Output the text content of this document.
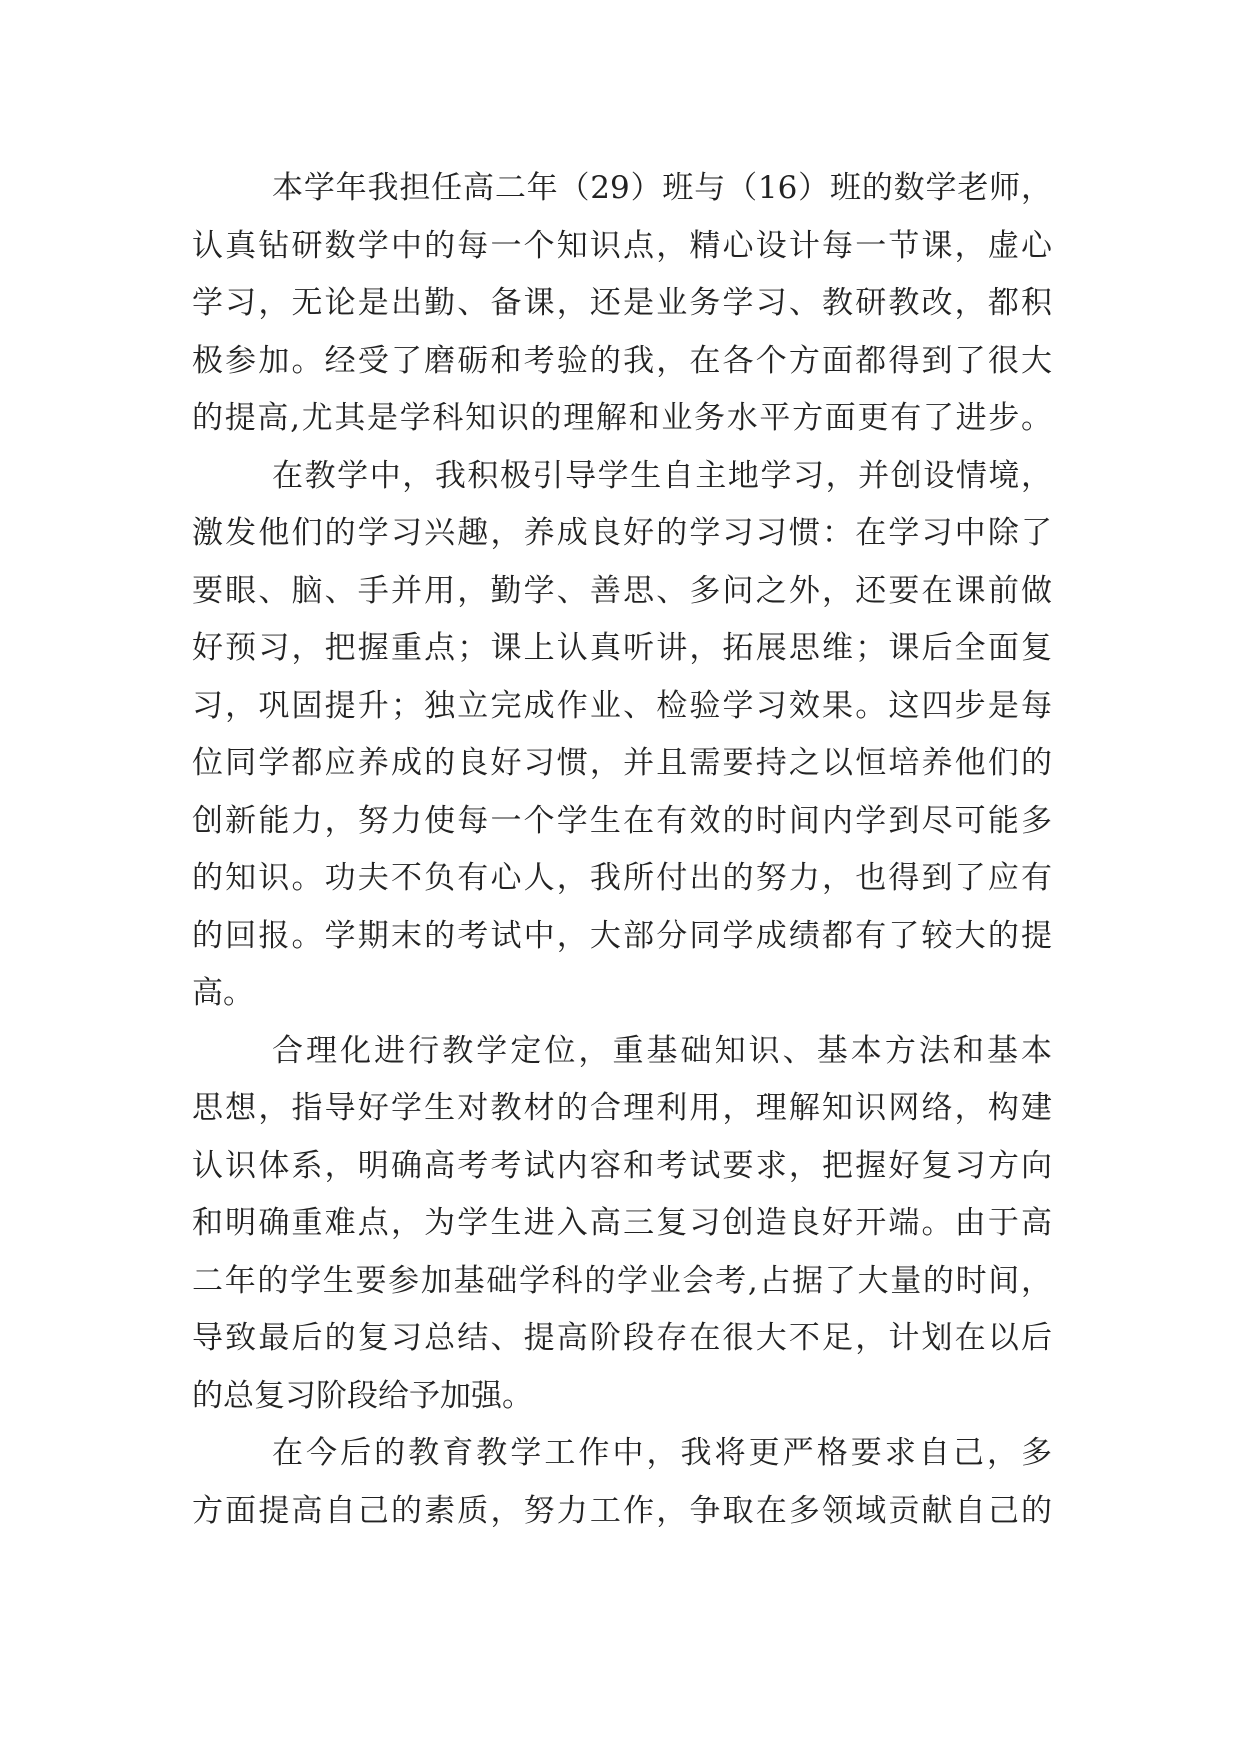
本学年我担任高二年（29）班与（16）班的数学老师，
认真钻研数学中的每一个知识点，精心设计每一节课，虚心
学习，无论是出勤、备课，还是业务学习、教研教改，都积
极参加。经受了磨砺和考验的我，在各个方面都得到了很大
的提高,尤其是学科知识的理解和业务水平方面更有了进步。
在教学中，我积极引导学生自主地学习，并创设情境，
激发他们的学习兴趣，养成良好的学习习惯：在学习中除了
要眼、脑、手并用，勤学、善思、多问之外，还要在课前做
好预习，把握重点；课上认真听讲，拓展思维；课后全面复
习，巩固提升；独立完成作业、检验学习效果。这四步是每
位同学都应养成的良好习惯，并且需要持之以恒培养他们的
创新能力，努力使每一个学生在有效的时间内学到尽可能多
的知识。功夫不负有心人，我所付出的努力，也得到了应有
的回报。学期末的考试中，大部分同学成绩都有了较大的提
高。
合理化进行教学定位，重基础知识、基本方法和基本
思想，指导好学生对教材的合理利用，理解知识网络，构建
认识体系，明确高考考试内容和考试要求，把握好复习方向
和明确重难点，为学生进入高三复习创造良好开端。由于高
二年的学生要参加基础学科的学业会考,占据了大量的时间，
导致最后的复习总结、提高阶段存在很大不足，计划在以后
的总复习阶段给予加强。
在今后的教育教学工作中，我将更严格要求自己，多
方面提高自己的素质，努力工作，争取在多领域贡献自己的
